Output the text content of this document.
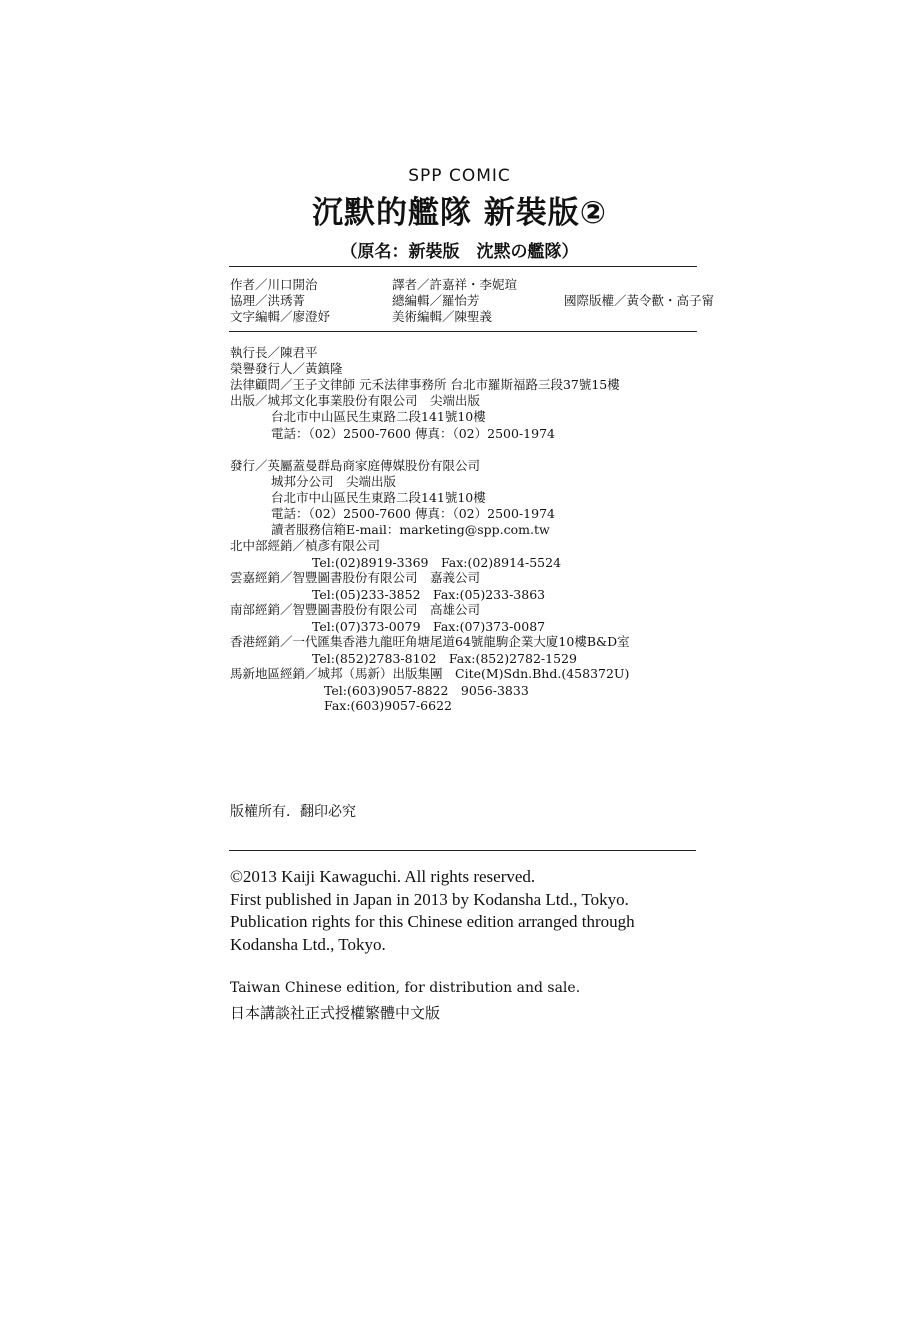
SPP COMIC
沉默的艦隊 新裝版②
（原名：新裝版　沈黙の艦隊）
作者／川口開治	譯者／許嘉祥・李妮瑄
協理／洪琇菁	總編輯／羅怡芳	國際版權／黃令歡・高子甯
文字編輯／廖澄妤	美術編輯／陳聖義
執行長／陳君平
榮譽發行人／黃鎮隆
法律顧問／王子文律師 元禾法律事務所 台北市羅斯福路三段37號15樓
出版／城邦文化事業股份有限公司　尖端出版
台北市中山區民生東路二段141號10樓
電話：（02）2500-7600 傳真：（02）2500-1974
發行／英屬蓋曼群島商家庭傳媒股份有限公司
城邦分公司　尖端出版
台北市中山區民生東路二段141號10樓
電話：（02）2500-7600 傳真：（02）2500-1974
讀者服務信箱E-mail：marketing@spp.com.tw
北中部經銷／楨彥有限公司
Tel:(02)8919-3369　Fax:(02)8914-5524
雲嘉經銷／智豐圖書股份有限公司　嘉義公司
Tel:(05)233-3852　Fax:(05)233-3863
南部經銷／智豐圖書股份有限公司　高雄公司
Tel:(07)373-0079　Fax:(07)373-0087
香港經銷／一代匯集香港九龍旺角塘尾道64號龍駒企業大廈10樓B&D室
Tel:(852)2783-8102　Fax:(852)2782-1529
馬新地區經銷／城邦（馬新）出版集團　Cite(M)Sdn.Bhd.(458372U)
Tel:(603)9057-8822　9056-3833
Fax:(603)9057-6622
版權所有．翻印必究
©2013 Kaiji Kawaguchi. All rights reserved.
First published in Japan in 2013 by Kodansha Ltd., Tokyo.
Publication rights for this Chinese edition arranged through
Kodansha Ltd., Tokyo.
Taiwan Chinese edition, for distribution and sale.
日本講談社正式授權繁體中文版
